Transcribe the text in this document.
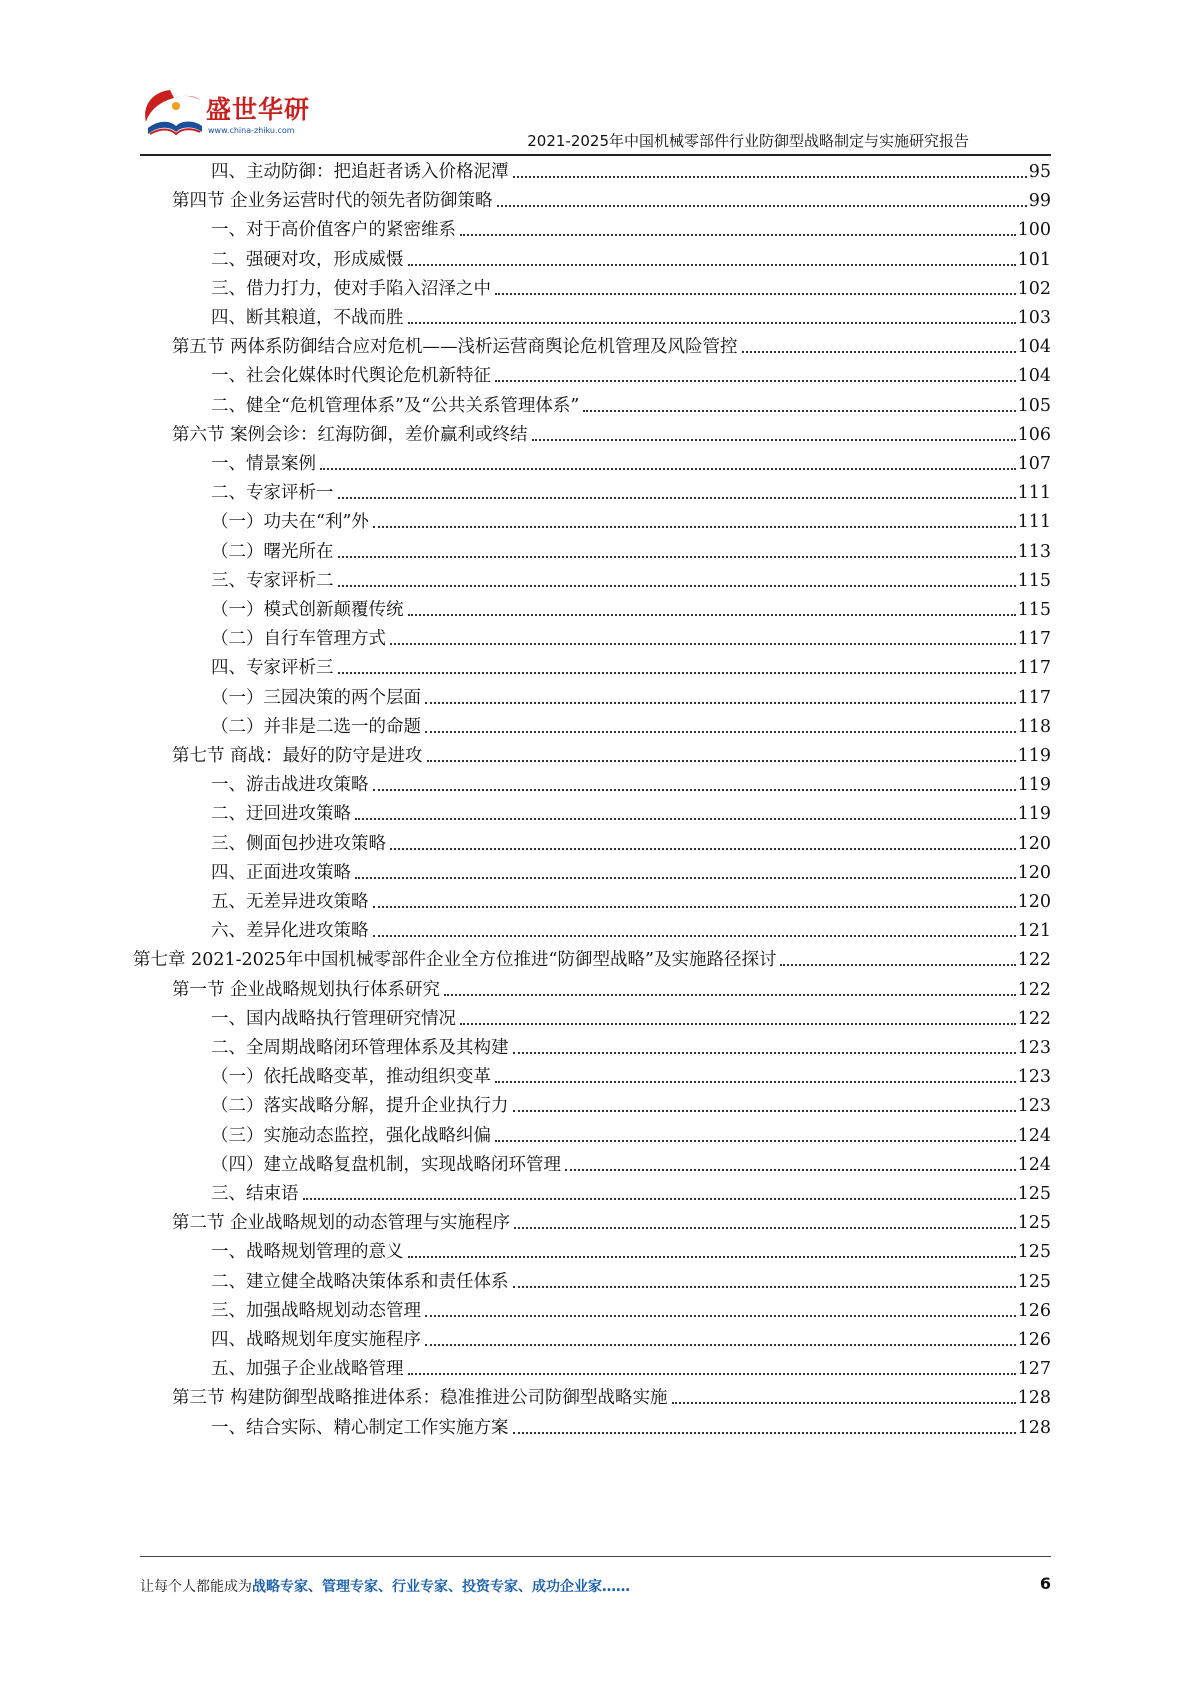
盛世华研
www.china-zhiku.com
2021-2025年中国机械零部件行业防御型战略制定与实施研究报告
四、主动防御：把追赶者诱入价格泥潭	95
第四节 企业务运营时代的领先者防御策略	99
一、对于高价值客户的紧密维系	100
二、强硬对攻，形成威慑	101
三、借力打力，使对手陷入沼泽之中	102
四、断其粮道，不战而胜	103
第五节 两体系防御结合应对危机——浅析运营商舆论危机管理及风险管控	104
一、社会化媒体时代舆论危机新特征	104
二、健全“危机管理体系”及“公共关系管理体系”	105
第六节 案例会诊：红海防御，差价赢利或终结	106
一、情景案例	107
二、专家评析一	111
（一）功夫在“利”外	111
（二）曙光所在	113
三、专家评析二	115
（一）模式创新颠覆传统	115
（二）自行车管理方式	117
四、专家评析三	117
（一）三园决策的两个层面	117
（二）并非是二选一的命题	118
第七节 商战：最好的防守是进攻	119
一、游击战进攻策略	119
二、迂回进攻策略	119
三、侧面包抄进攻策略	120
四、正面进攻策略	120
五、无差异进攻策略	120
六、差异化进攻策略	121
第七章 2021-2025年中国机械零部件企业全方位推进“防御型战略”及实施路径探讨	122
第一节 企业战略规划执行体系研究	122
一、国内战略执行管理研究情况	122
二、全周期战略闭环管理体系及其构建	123
（一）依托战略变革，推动组织变革	123
（二）落实战略分解，提升企业执行力	123
（三）实施动态监控，强化战略纠偏	124
（四）建立战略复盘机制，实现战略闭环管理	124
三、结束语	125
第二节 企业战略规划的动态管理与实施程序	125
一、战略规划管理的意义	125
二、建立健全战略决策体系和责任体系	125
三、加强战略规划动态管理	126
四、战略规划年度实施程序	126
五、加强子企业战略管理	127
第三节 构建防御型战略推进体系：稳准推进公司防御型战略实施	128
一、结合实际、精心制定工作实施方案	128
让每个人都能成为战略专家、管理专家、行业专家、投资专家、成功企业家……	6
